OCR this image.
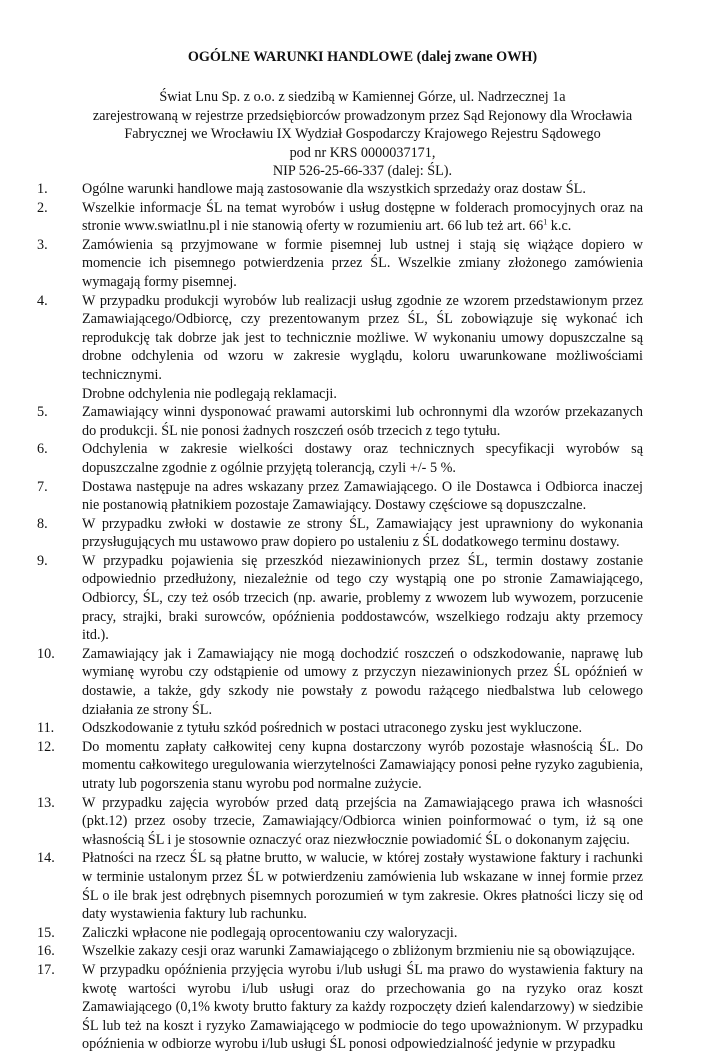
OGÓLNE WARUNKI HANDLOWE (dalej zwane OWH)
Świat Lnu Sp. z o.o. z siedzibą w Kamiennej Górze, ul. Nadrzecznej 1a
zarejestrowaną w rejestrze przedsiębiorców prowadzonym przez Sąd Rejonowy dla Wrocławia
Fabrycznej we Wrocławiu IX Wydział Gospodarczy Krajowego Rejestru Sądowego
pod nr KRS 0000037171,
NIP 526-25-66-337 (dalej: ŚL).
1. Ogólne warunki handlowe mają zastosowanie dla wszystkich sprzedaży oraz dostaw ŚL.
2. Wszelkie informacje ŚL na temat wyrobów i usług dostępne w folderach promocyjnych oraz na stronie www.swiatlnu.pl i nie stanowią oferty w rozumieniu art. 66 lub też art. $66^1$ k.c.
3. Zamówienia są przyjmowane w formie pisemnej lub ustnej i stają się wiążące dopiero w momencie ich pisemnego potwierdzenia przez ŚL. Wszelkie zmiany złożonego zamówienia wymagają formy pisemnej.
4. W przypadku produkcji wyrobów lub realizacji usług zgodnie ze wzorem przedstawionym przez Zamawiającego/Odbiorcę, czy prezentowanym przez ŚL, ŚL zobowiązuje się wykonać ich reprodukcję tak dobrze jak jest to technicznie możliwe. W wykonaniu umowy dopuszczalne są drobne odchylenia od wzoru w zakresie wyglądu, koloru uwarunkowane możliwościami technicznymi.
Drobne odchylenia nie podlegają reklamacji.
5. Zamawiający winni dysponować prawami autorskimi lub ochronnymi dla wzorów przekazanych do produkcji. ŚL nie ponosi żadnych roszczeń osób trzecich z tego tytułu.
6. Odchylenia w zakresie wielkości dostawy oraz technicznych specyfikacji wyrobów są dopuszczalne zgodnie z ogólnie przyjętą tolerancją, czyli +/- 5 %.
7. Dostawa następuje na adres wskazany przez Zamawiającego. O ile Dostawca i Odbiorca inaczej nie postanowią płatnikiem pozostaje Zamawiający. Dostawy częściowe są dopuszczalne.
8. W przypadku zwłoki w dostawie ze strony ŚL, Zamawiający jest uprawniony do wykonania przysługujących mu ustawowo praw dopiero po ustaleniu z ŚL dodatkowego terminu dostawy.
9. W przypadku pojawienia się przeszkód niezawinionych przez ŚL, termin dostawy zostanie odpowiednio przedłużony, niezależnie od tego czy wystąpią one po stronie Zamawiającego, Odbiorcy, ŚL, czy też osób trzecich (np. awarie, problemy z wwozem lub wywozem, porzucenie pracy, strajki, braki surowców, opóźnienia poddostawców, wszelkiego rodzaju akty przemocy itd.).
10. Zamawiający jak i Zamawiający nie mogą dochodzić roszczeń o odszkodowanie, naprawę lub wymianę wyrobu czy odstąpienie od umowy z przyczyn niezawinionych przez ŚL opóźnień w dostawie, a także, gdy szkody nie powstały z powodu rażącego niedbalstwa lub celowego działania ze strony ŚL.
11. Odszkodowanie z tytułu szkód pośrednich w postaci utraconego zysku jest wykluczone.
12. Do momentu zapłaty całkowitej ceny kupna dostarczony wyrób pozostaje własnością ŚL. Do momentu całkowitego uregulowania wierzytelności Zamawiający ponosi pełne ryzyko zagubienia, utraty lub pogorszenia stanu wyrobu pod normalne zużycie.
13. W przypadku zajęcia wyrobów przed datą przejścia na Zamawiającego prawa ich własności (pkt.12) przez osoby trzecie, Zamawiający/Odbiorca winien poinformować o tym, iż są one własnością ŚL i je stosownie oznaczyć oraz niezwłocznie powiadomić ŚL o dokonanym zajęciu.
14. Płatności na rzecz ŚL są płatne brutto, w walucie, w której zostały wystawione faktury i rachunki w terminie ustalonym przez ŚL w potwierdzeniu zamówienia lub wskazane w innej formie przez ŚL o ile brak jest odrębnych pisemnych porozumień w tym zakresie. Okres płatności liczy się od daty wystawienia faktury lub rachunku.
15. Zaliczki wpłacone nie podlegają oprocentowaniu czy waloryzacji.
16. Wszelkie zakazy cesji oraz warunki Zamawiającego o zbliżonym brzmieniu nie są obowiązujące.
17. W przypadku opóźnienia przyjęcia wyrobu i/lub usługi ŚL ma prawo do wystawienia faktury na kwotę wartości wyrobu i/lub usługi oraz do przechowania go na ryzyko oraz koszt Zamawiającego (0,1% kwoty brutto faktury za każdy rozpoczęty dzień kalendarzowy) w siedzibie ŚL lub też na koszt i ryzyko Zamawiającego w podmiocie do tego upoważnionym. W przypadku opóźnienia w odbiorze wyrobu i/lub usługi ŚL ponosi odpowiedzialność jedynie w przypadku
